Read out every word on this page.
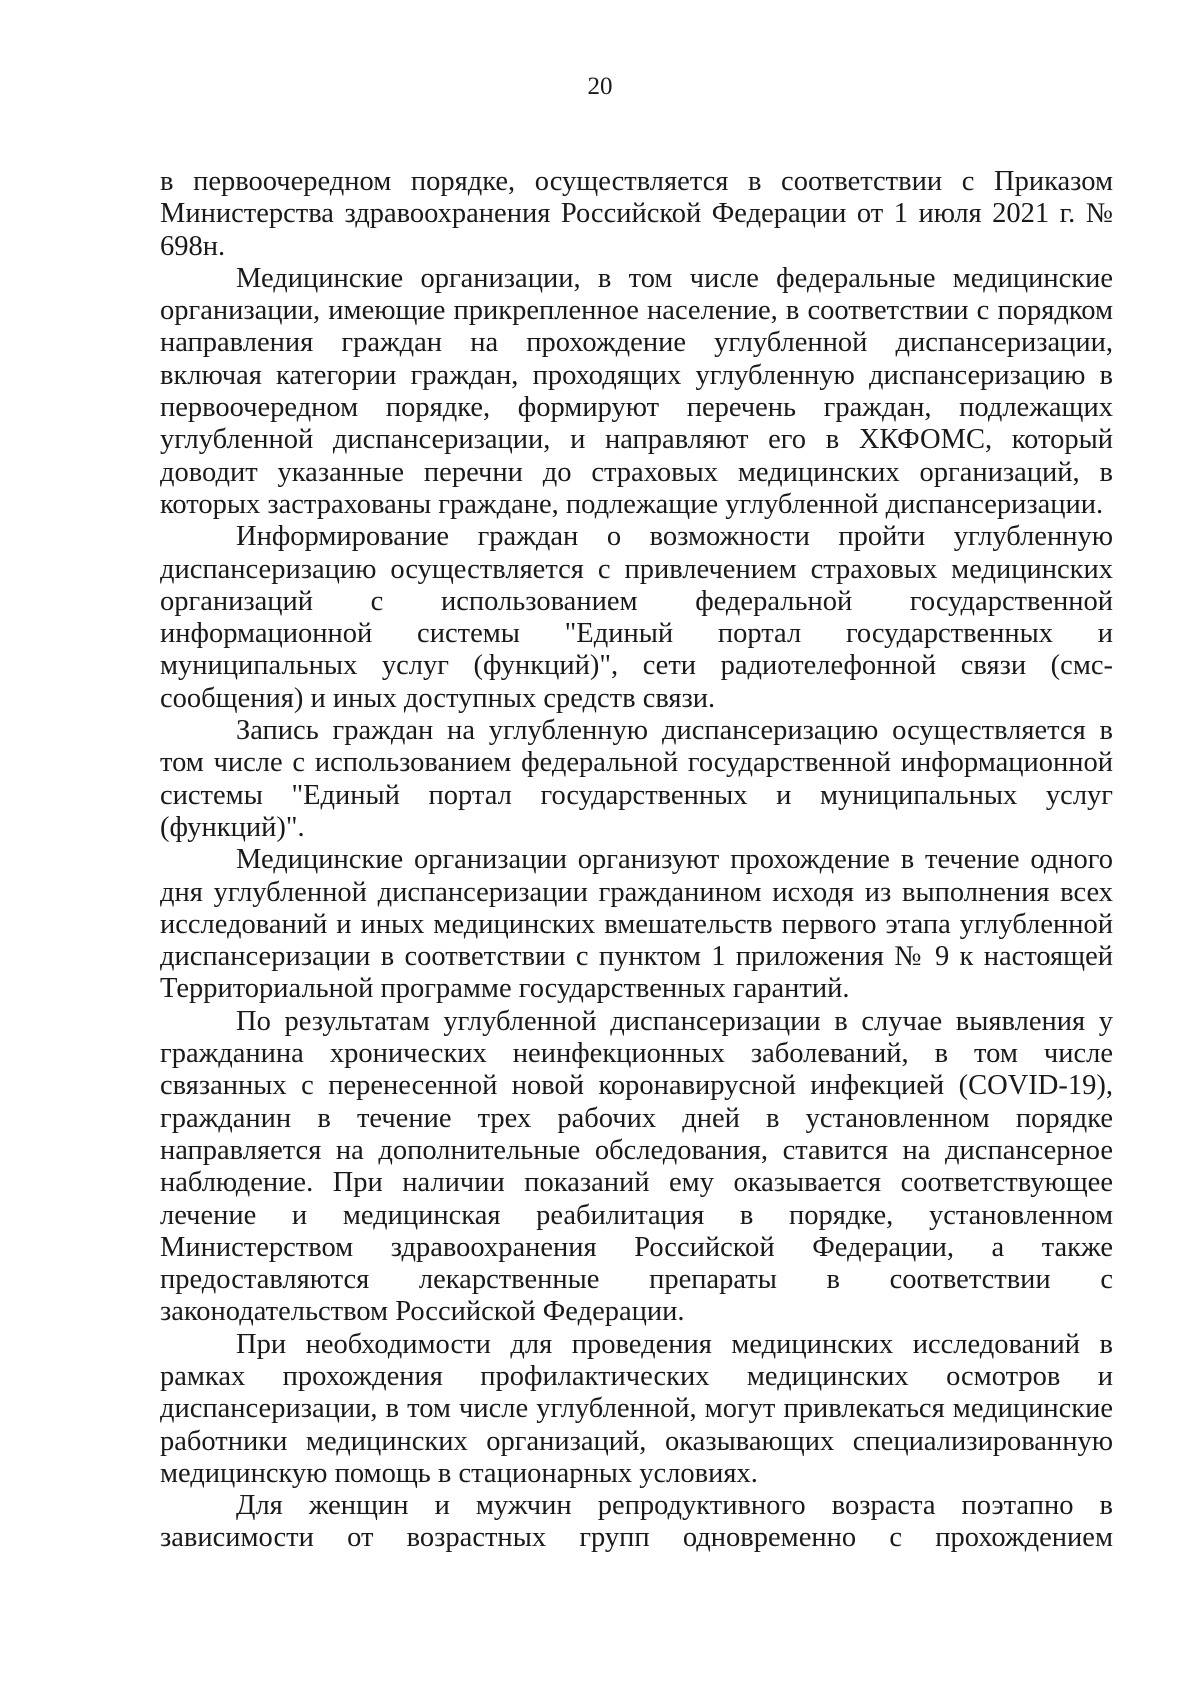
20

в первоочередном порядке, осуществляется в соответствии с Приказом Министерства здравоохранения Российской Федерации от 1 июля 2021 г. № 698н.

Медицинские организации, в том числе федеральные медицинские организации, имеющие прикрепленное население, в соответствии с порядком направления граждан на прохождение углубленной диспансеризации, включая категории граждан, проходящих углубленную диспансеризацию в первоочередном порядке, формируют перечень граждан, подлежащих углубленной диспансеризации, и направляют его в ХКФОМС, который доводит указанные перечни до страховых медицинских организаций, в которых застрахованы граждане, подлежащие углубленной диспансеризации.

Информирование граждан о возможности пройти углубленную диспансеризацию осуществляется с привлечением страховых медицинских организаций с использованием федеральной государственной информационной системы "Единый портал государственных и муниципальных услуг (функций)", сети радиотелефонной связи (смс-сообщения) и иных доступных средств связи.

Запись граждан на углубленную диспансеризацию осуществляется в том числе с использованием федеральной государственной информационной системы "Единый портал государственных и муниципальных услуг (функций)".

Медицинские организации организуют прохождение в течение одного дня углубленной диспансеризации гражданином исходя из выполнения всех исследований и иных медицинских вмешательств первого этапа углубленной диспансеризации в соответствии с пунктом 1 приложения № 9 к настоящей Территориальной программе государственных гарантий.

По результатам углубленной диспансеризации в случае выявления у гражданина хронических неинфекционных заболеваний, в том числе связанных с перенесенной новой коронавирусной инфекцией (COVID-19), гражданин в течение трех рабочих дней в установленном порядке направляется на дополнительные обследования, ставится на диспансерное наблюдение. При наличии показаний ему оказывается соответствующее лечение и медицинская реабилитация в порядке, установленном Министерством здравоохранения Российской Федерации, а также предоставляются лекарственные препараты в соответствии с законодательством Российской Федерации.

При необходимости для проведения медицинских исследований в рамках прохождения профилактических медицинских осмотров и диспансеризации, в том числе углубленной, могут привлекаться медицинские работники медицинских организаций, оказывающих специализированную медицинскую помощь в стационарных условиях.

Для женщин и мужчин репродуктивного возраста поэтапно в зависимости от возрастных групп одновременно с прохождением
